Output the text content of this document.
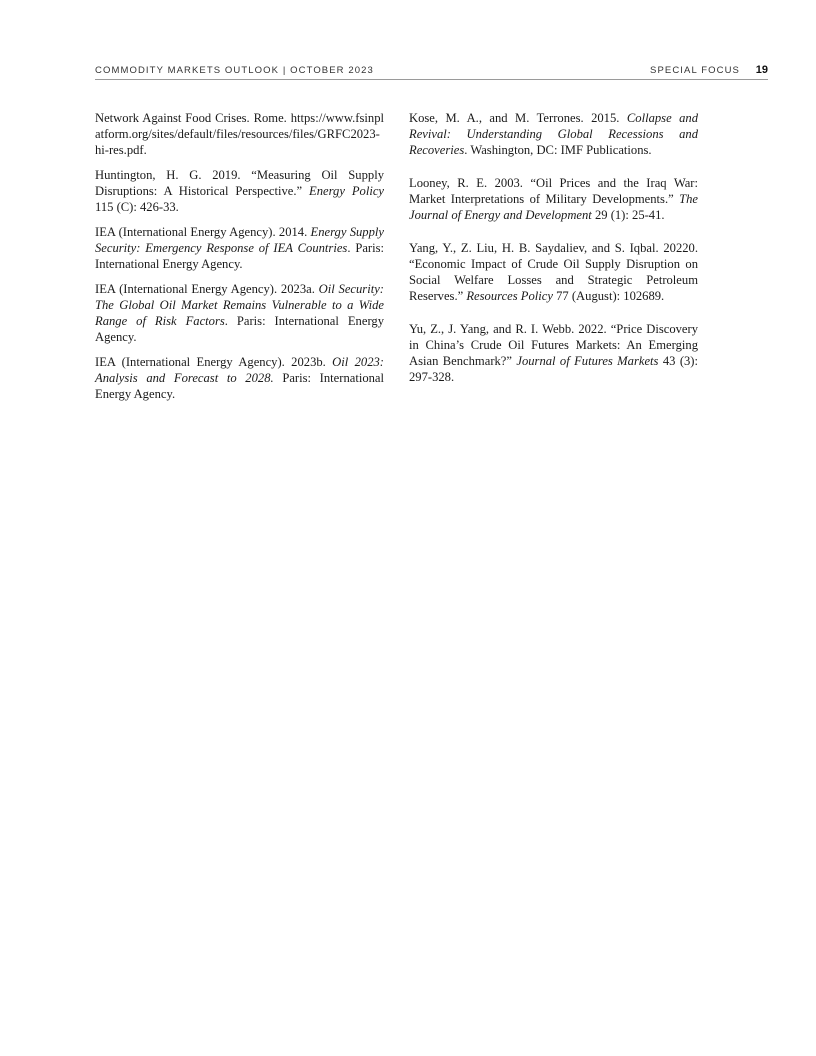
COMMODITY MARKETS OUTLOOK | OCTOBER 2023	SPECIAL FOCUS 19

Network Against Food Crises. Rome. https://www.fsinplatform.org/sites/default/files/resources/files/GRFC2023-hi-res.pdf.

Huntington, H. G. 2019. “Measuring Oil Supply Disruptions: A Historical Perspective.” Energy Policy 115 (C): 426-33.

IEA (International Energy Agency). 2014. Energy Supply Security: Emergency Response of IEA Countries. Paris: International Energy Agency.

IEA (International Energy Agency). 2023a. Oil Security: The Global Oil Market Remains Vulnerable to a Wide Range of Risk Factors. Paris: International Energy Agency.

IEA (International Energy Agency). 2023b. Oil 2023: Analysis and Forecast to 2028. Paris: International Energy Agency.

Kose, M. A., and M. Terrones. 2015. Collapse and Revival: Understanding Global Recessions and Recoveries. Washington, DC: IMF Publications.

Looney, R. E. 2003. “Oil Prices and the Iraq War: Market Interpretations of Military Developments.” The Journal of Energy and Development 29 (1): 25-41.

Yang, Y., Z. Liu, H. B. Saydaliev, and S. Iqbal. 20220. “Economic Impact of Crude Oil Supply Disruption on Social Welfare Losses and Strategic Petroleum Reserves.” Resources Policy 77 (August): 102689.

Yu, Z., J. Yang, and R. I. Webb. 2022. “Price Discovery in China’s Crude Oil Futures Markets: An Emerging Asian Benchmark?” Journal of Futures Markets 43 (3): 297-328.
